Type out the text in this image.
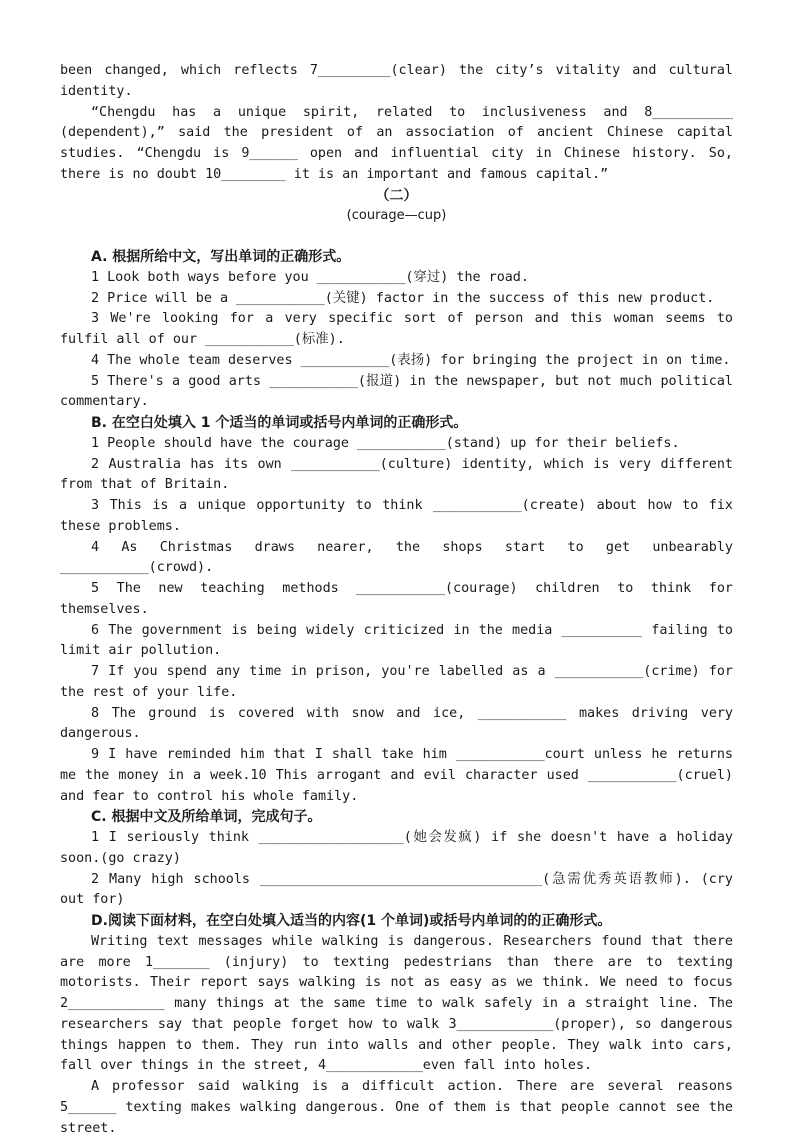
been changed, which reflects 7_________(clear) the city’s vitality and cultural identity.

“Chengdu has a unique spirit, related to inclusiveness and 8__________ (dependent),” said the president of an association of ancient Chinese capital studies. “Chengdu is 9______ open and influential city in Chinese history. So, there is no doubt 10________ it is an important and famous capital.”

（二）

(courage—cup)

A. 根据所给中文，写出单词的正确形式。

1 Look both ways before you ___________(穿过) the road.

2 Price will be a ___________(关键) factor in the success of this new product.

3 We're looking for a very specific sort of person and this woman seems to fulfil all of our ___________(标准).

4 The whole team deserves ___________(表扬) for bringing the project in on time.

5 There's a good arts ___________(报道) in the newspaper, but not much political commentary.

B. 在空白处填入 1 个适当的单词或括号内单词的正确形式。

1 People should have the courage ___________(stand) up for their beliefs.

2 Australia has its own ___________(culture) identity, which is very different from that of Britain.

3 This is a unique opportunity to think ___________(create) about how to fix these problems.

4 As Christmas draws nearer, the shops start to get unbearably ___________(crowd).

5 The new teaching methods ___________(courage) children to think for themselves.

6 The government is being widely criticized in the media __________ failing to limit air pollution.

7 If you spend any time in prison, you're labelled as a ___________(crime) for the rest of your life.

8 The ground is covered with snow and ice, ___________ makes driving very dangerous.

9 I have reminded him that I shall take him ___________court unless he returns me the money in a week.10 This arrogant and evil character used ___________(cruel) and fear to control his whole family.

C. 根据中文及所给单词，完成句子。

1 I seriously think __________________(她会发疯) if she doesn't have a holiday soon.(go crazy)

2 Many high schools ___________________________________(急需优秀英语教师). (cry out for)

D.阅读下面材料，在空白处填入适当的内容(1 个单词)或括号内单词的的正确形式。

Writing text messages while walking is dangerous. Researchers found that there are more 1_______ (injury) to texting pedestrians than there are to texting motorists. Their report says walking is not as easy as we think. We need to focus 2____________ many things at the same time to walk safely in a straight line. The researchers say that people forget how to walk 3____________(proper), so dangerous things happen to them. They run into walls and other people. They walk into cars, fall over things in the street, 4____________even fall into holes.

A professor said walking is a difficult action. There are several reasons 5______ texting makes walking dangerous. One of them is that people cannot see the street.
